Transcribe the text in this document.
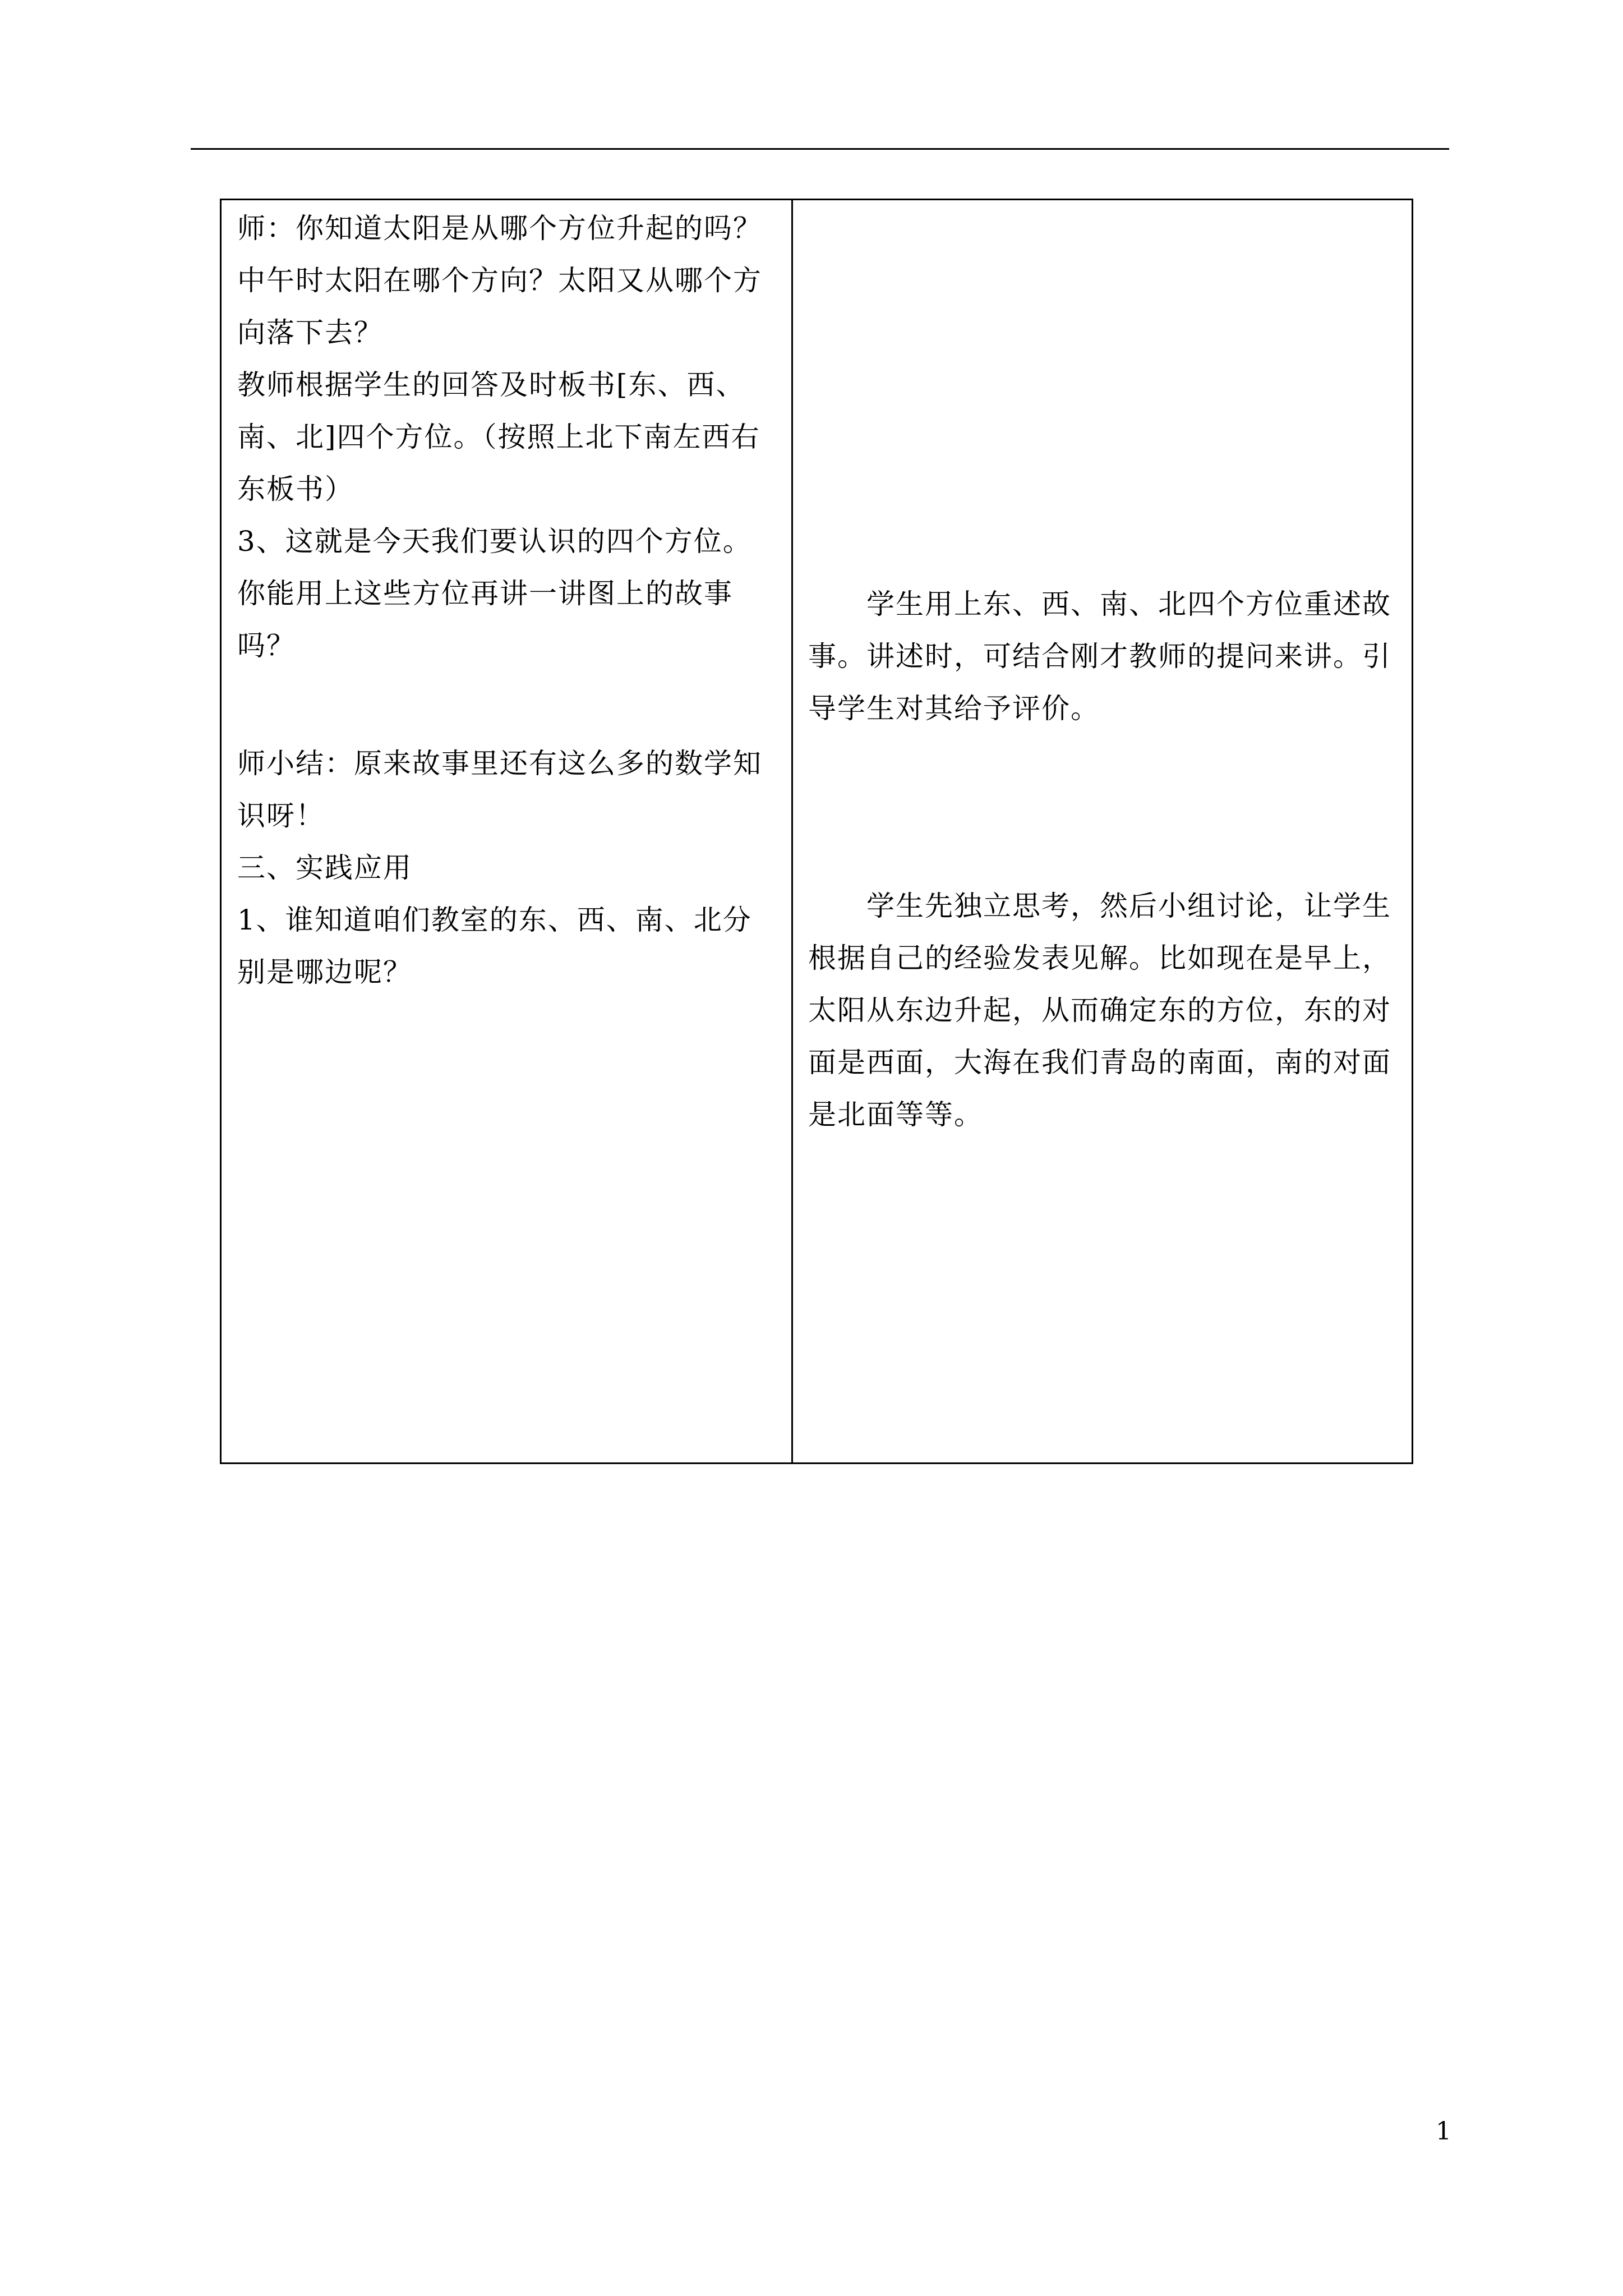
师：你知道太阳是从哪个方位升起的吗？中午时太阳在哪个方向？太阳又从哪个方向落下去？

教师根据学生的回答及时板书[东、西、南、北]四个方位。（按照上北下南左西右东板书）

3、这就是今天我们要认识的四个方位。你能用上这些方位再讲一讲图上的故事吗？

师小结：原来故事里还有这么多的数学知识呀！

三、实践应用

1、谁知道咱们教室的东、西、南、北分别是哪边呢？

　　学生用上东、西、南、北四个方位重述故事。讲述时，可结合刚才教师的提问来讲。引导学生对其给予评价。

　　学生先独立思考，然后小组讨论，让学生根据自己的经验发表见解。比如现在是早上，太阳从东边升起，从而确定东的方位，东的对面是西面，大海在我们青岛的南面，南的对面是北面等等。

1
